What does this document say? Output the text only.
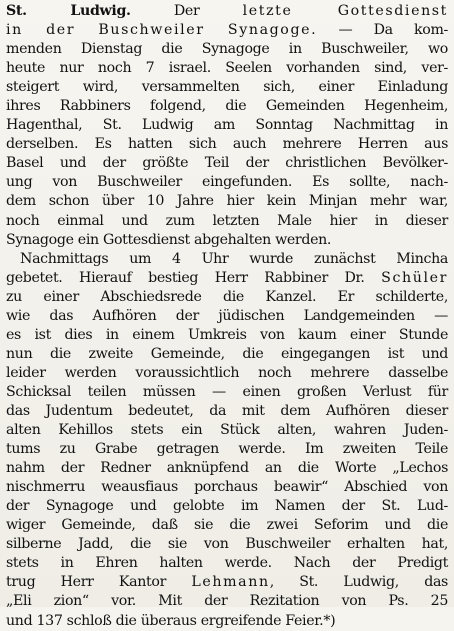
St. Ludwig. Der letzte Gottesdienst
in der Buschweiler Synagoge. — Da kom-
menden Dienstag die Synagoge in Buschweiler, wo
heute nur noch 7 israel. Seelen vorhanden sind, ver-
steigert wird, versammelten sich, einer Einladung
ihres Rabbiners folgend, die Gemeinden Hegenheim,
Hagenthal, St. Ludwig am Sonntag Nachmittag in
derselben. Es hatten sich auch mehrere Herren aus
Basel und der größte Teil der christlichen Bevölker-
ung von Buschweiler eingefunden. Es sollte, nach-
dem schon über 10 Jahre hier kein Minjan mehr war,
noch einmal und zum letzten Male hier in dieser
Synagoge ein Gottesdienst abgehalten werden.
Nachmittags um 4 Uhr wurde zunächst Mincha
gebetet. Hierauf bestieg Herr Rabbiner Dr. Schüler
zu einer Abschiedsrede die Kanzel. Er schilderte,
wie das Aufhören der jüdischen Landgemeinden —
es ist dies in einem Umkreis von kaum einer Stunde
nun die zweite Gemeinde, die eingegangen ist und
leider werden voraussichtlich noch mehrere dasselbe
Schicksal teilen müssen — einen großen Verlust für
das Judentum bedeutet, da mit dem Aufhören dieser
alten Kehillos stets ein Stück alten, wahren Juden-
tums zu Grabe getragen werde. Im zweiten Teile
nahm der Redner anknüpfend an die Worte „Lechos
nischmerru weausfiaus porchaus beawir“ Abschied von
der Synagoge und gelobte im Namen der St. Lud-
wiger Gemeinde, daß sie die zwei Seforim und die
silberne Jadd, die sie von Buschweiler erhalten hat,
stets in Ehren halten werde. Nach der Predigt
trug Herr Kantor Lehmann, St. Ludwig, das
„Eli zion“ vor. Mit der Rezitation von Ps. 25
und 137 schloß die überaus ergreifende Feier.*)
